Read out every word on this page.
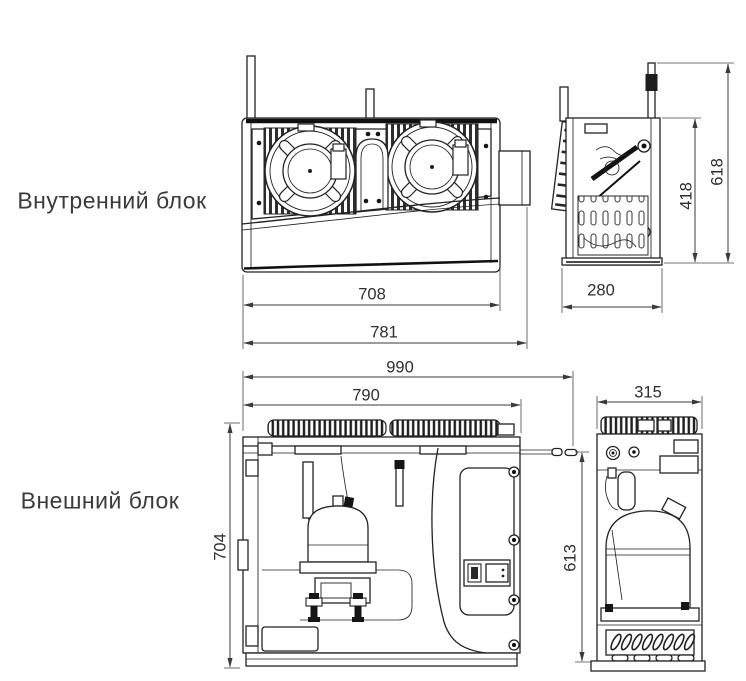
Внутренний блок
Внешний блок
708
781
280
418
618
990
790
704	613
315
